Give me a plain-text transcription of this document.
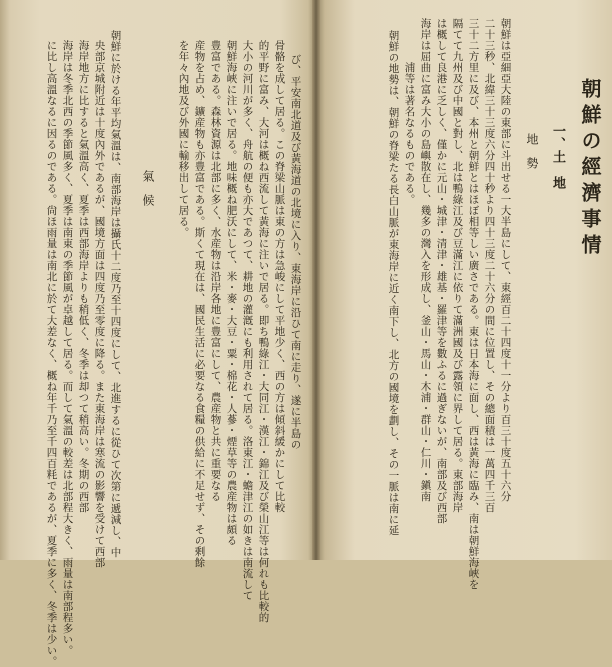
朝鮮の經濟事情
一、土　地
地　勢
朝鮮は亞細亞大陸の東部に斗出せる一大半島にして、東經百二十四度十一分より百三十度五十六分
二十三秒、北緯三十三度六分四十秒より四十三度二十六分の間に位置し、その總面積は一萬四千三百
三十二方里に及び、本州と朝鮮とはほぼ相等しい廣さである。東は日本海に面し、西は黃海に臨み、南は朝鮮海峽を
隔てて九州及び中國と對し、北は鴨綠江及び豆滿江に依りて滿洲國及び露領に界して居る。東部海岸
は概して良港に乏しく、僅かに元山・城津・清津・雄基・羅津等を數ふるに過ぎないが、南部及び西部
海岸は屈曲に富み大小の島嶼散在し、幾多の灣入を形成し、釜山・馬山・木浦・群山・仁川・鎭南
浦等は著名なるものである。
朝鮮の地勢は、朝鮮の脊梁たる長白山脈が東海岸に近く南下し、北方の國境を劃し、その一脈は南に延
び、平安南北道及び黃海道の北境に入り、東海岸に沿ひて南に走り、遂に半島の
骨骼を成して居る。この脊梁山脈は東の方は急峻にして平地少く、西の方は傾斜緩かにして比較
的平野に富み、大河は概ね西流して黃海に注いで居る。即ち鴨綠江・大同江・漢江・錦江及び榮山江等は何れも比較的
大小の河川が多く、舟航の便も亦大であつて、耕地の灌漑にも利用されて居る。洛東江・蟾津江の如きは南流して
朝鮮海峽に注いで居る。地味概ね肥沃にして、米・麥・大豆・粟・棉花・人蔘・煙草等の農産物は頗る
豊富である。森林資源は北部に多く、水産物は沿岸各地に豊富にして、農産物と共に重要なる
産物を占め、鑛産物も亦豊富である。斯くて現在は、國民生活に必要なる食糧の供給に不足せず、その剩餘
を年々內地及び外國に輸移出して居る。
氣　候
朝鮮に於ける年平均氣溫は、南部海岸は攝氏十二度乃至十四度にして、北進するに從ひて次第に遞減し、中
央部京城附近は十度內外であるが、國境方面は四度乃至零度に降る。また東海岸は寒流の影響を受けて西部
海岸地方に比すると氣溫高く、夏季は西部海岸よりも稍低く、冬季は却つて稍高い。冬期の西部
海岸は冬季北西の季節風多く、夏季は南東の季節風が卓越して居る。而して氣溫の較差は北部程大きく、雨量は南部程多い。
に比し高溫なるに因るのである。尙ほ雨量は南北に於て大差なく、概ね年千乃至千四百粍であるが、夏季に多く、冬季は少い。
